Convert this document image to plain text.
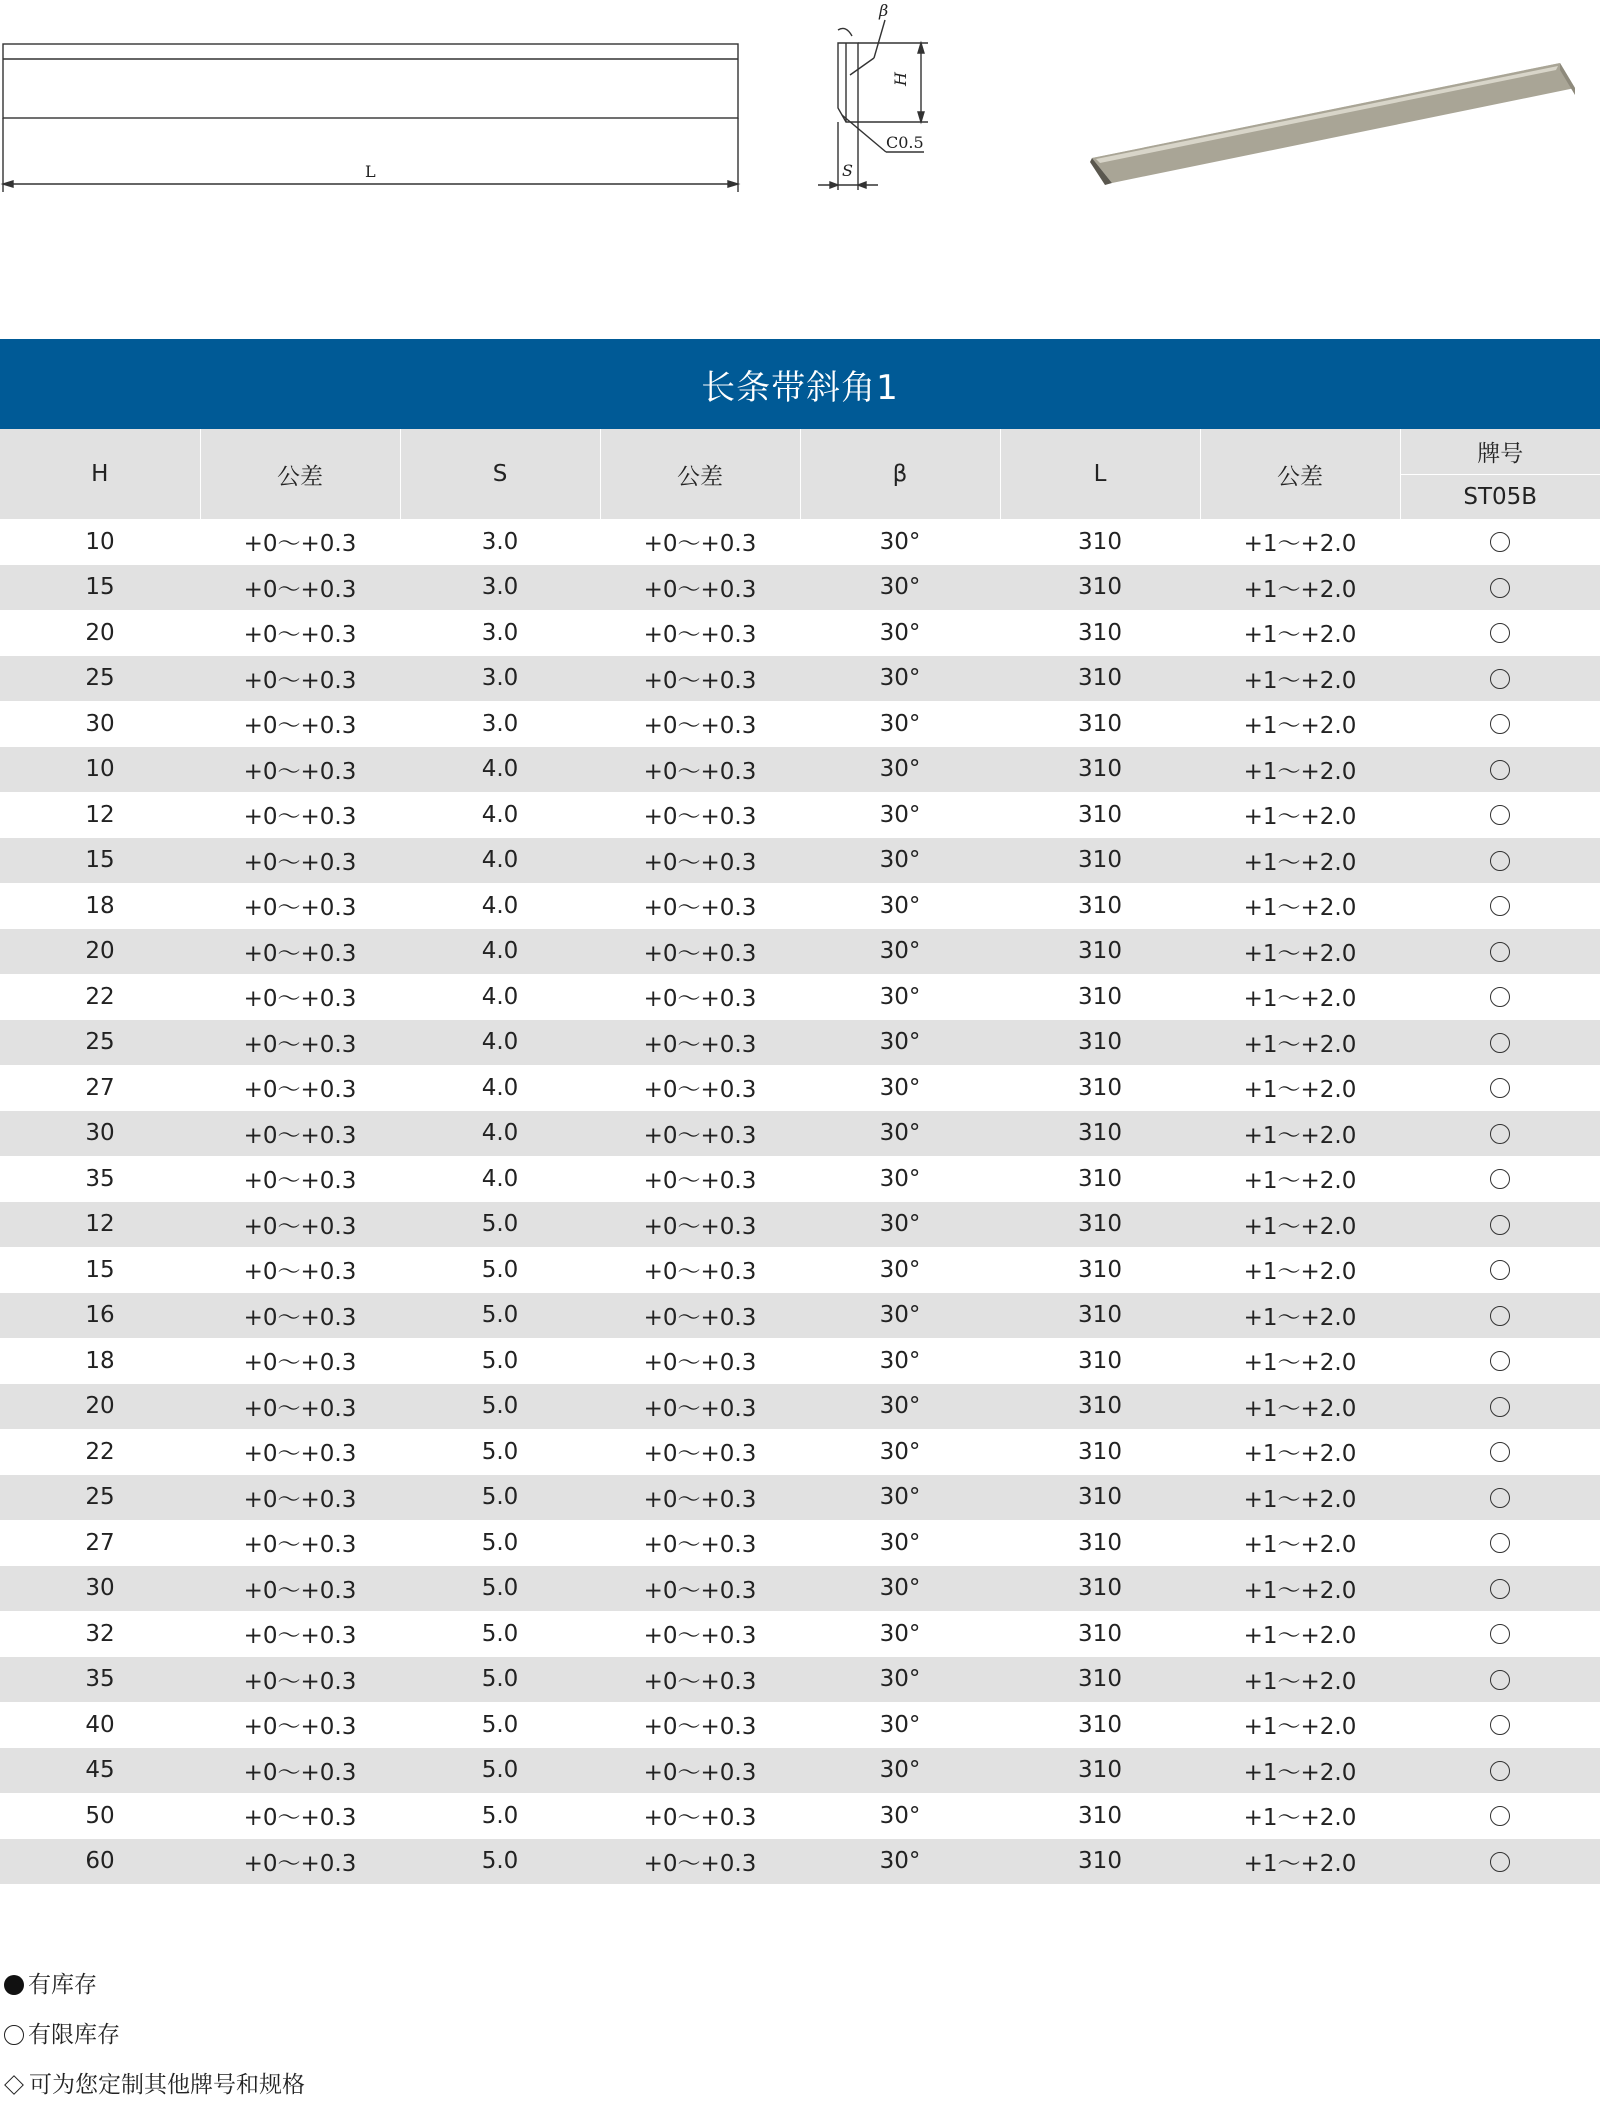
L
β
H
C0.5
S
长条带斜角1
H	公差	S	公差	β	L	公差	牌号
							ST05B
10	+0～+0.3	3.0	+0～+0.3	30°	310	+1～+2.0	
15	+0～+0.3	3.0	+0～+0.3	30°	310	+1～+2.0	
20	+0～+0.3	3.0	+0～+0.3	30°	310	+1～+2.0	
25	+0～+0.3	3.0	+0～+0.3	30°	310	+1～+2.0	
30	+0～+0.3	3.0	+0～+0.3	30°	310	+1～+2.0	
10	+0～+0.3	4.0	+0～+0.3	30°	310	+1～+2.0	
12	+0～+0.3	4.0	+0～+0.3	30°	310	+1～+2.0	
15	+0～+0.3	4.0	+0～+0.3	30°	310	+1～+2.0	
18	+0～+0.3	4.0	+0～+0.3	30°	310	+1～+2.0	
20	+0～+0.3	4.0	+0～+0.3	30°	310	+1～+2.0	
22	+0～+0.3	4.0	+0～+0.3	30°	310	+1～+2.0	
25	+0～+0.3	4.0	+0～+0.3	30°	310	+1～+2.0	
27	+0～+0.3	4.0	+0～+0.3	30°	310	+1～+2.0	
30	+0～+0.3	4.0	+0～+0.3	30°	310	+1～+2.0	
35	+0～+0.3	4.0	+0～+0.3	30°	310	+1～+2.0	
12	+0～+0.3	5.0	+0～+0.3	30°	310	+1～+2.0	
15	+0～+0.3	5.0	+0～+0.3	30°	310	+1～+2.0	
16	+0～+0.3	5.0	+0～+0.3	30°	310	+1～+2.0	
18	+0～+0.3	5.0	+0～+0.3	30°	310	+1～+2.0	
20	+0～+0.3	5.0	+0～+0.3	30°	310	+1～+2.0	
22	+0～+0.3	5.0	+0～+0.3	30°	310	+1～+2.0	
25	+0～+0.3	5.0	+0～+0.3	30°	310	+1～+2.0	
27	+0～+0.3	5.0	+0～+0.3	30°	310	+1～+2.0	
30	+0～+0.3	5.0	+0～+0.3	30°	310	+1～+2.0	
32	+0～+0.3	5.0	+0～+0.3	30°	310	+1～+2.0	
35	+0～+0.3	5.0	+0～+0.3	30°	310	+1～+2.0	
40	+0～+0.3	5.0	+0～+0.3	30°	310	+1～+2.0	
45	+0～+0.3	5.0	+0～+0.3	30°	310	+1～+2.0	
50	+0～+0.3	5.0	+0～+0.3	30°	310	+1～+2.0	
60	+0～+0.3	5.0	+0～+0.3	30°	310	+1～+2.0	
有库存
有限库存
可为您定制其他牌号和规格
